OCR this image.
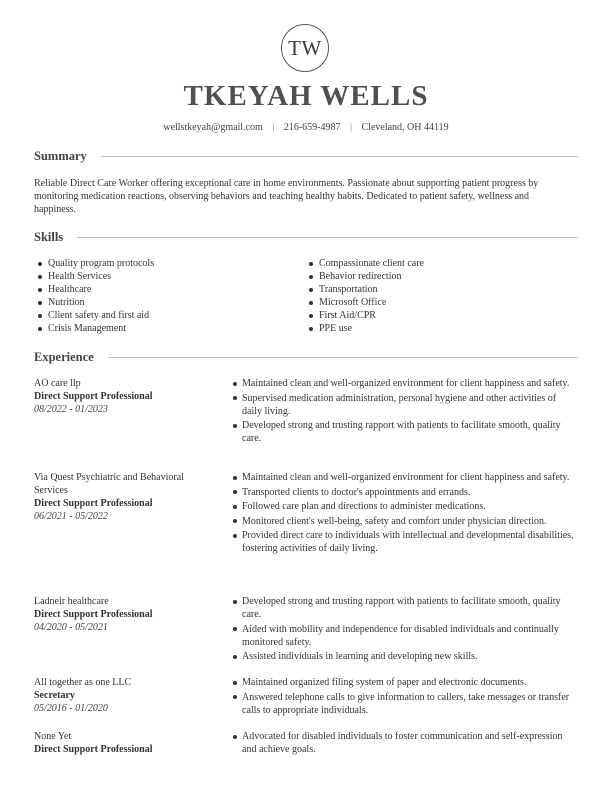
TW
TKEYAH WELLS
wellstkeyah@gmail.com | 216-659-4987 | Cleveland, OH 44119
Summary
Reliable Direct Care Worker offering exceptional care in home environments. Passionate about supporting patient progress by monitoring medication reactions, observing behaviors and teaching healthy habits. Dedicated to patient safety, wellness and happiness.
Skills
Quality program protocols
Health Services
Healthcare
Nutrition
Client safety and first aid
Crisis Management
Compassionate client care
Behavior redirection
Transportation
Microsoft Office
First Aid/CPR
PPE use
Experience
AO care llp
Direct Support Professional
08/2022 - 01/2023
Maintained clean and well-organized environment for client happiness and safety.
Supervised medication administration, personal hygiene and other activities of daily living.
Developed strong and trusting rapport with patients to facilitate smooth, quality care.
Via Quest Psychiatric and Behavioral Services
Direct Support Professional
06/2021 - 05/2022
Maintained clean and well-organized environment for client happiness and safety.
Transported clients to doctor's appointments and errands.
Followed care plan and directions to administer medications.
Monitored client's well-being, safety and comfort under physician direction.
Provided direct care to individuals with intellectual and developmental disabilities, fostering activities of daily living.
Ladneir healthcare
Direct Support Professional
04/2020 - 05/2021
Developed strong and trusting rapport with patients to facilitate smooth, quality care.
Aided with mobility and independence for disabled individuals and continually monitored safety.
Assisted individuals in learning and developing new skills.
All together as one LLC
Secretary
05/2016 - 01/2020
Maintained organized filing system of paper and electronic documents.
Answered telephone calls to give information to callers, take messages or transfer calls to appropriate individuals.
None Yet
Direct Support Professional
Advocated for disabled individuals to foster communication and self-expression and achieve goals.
